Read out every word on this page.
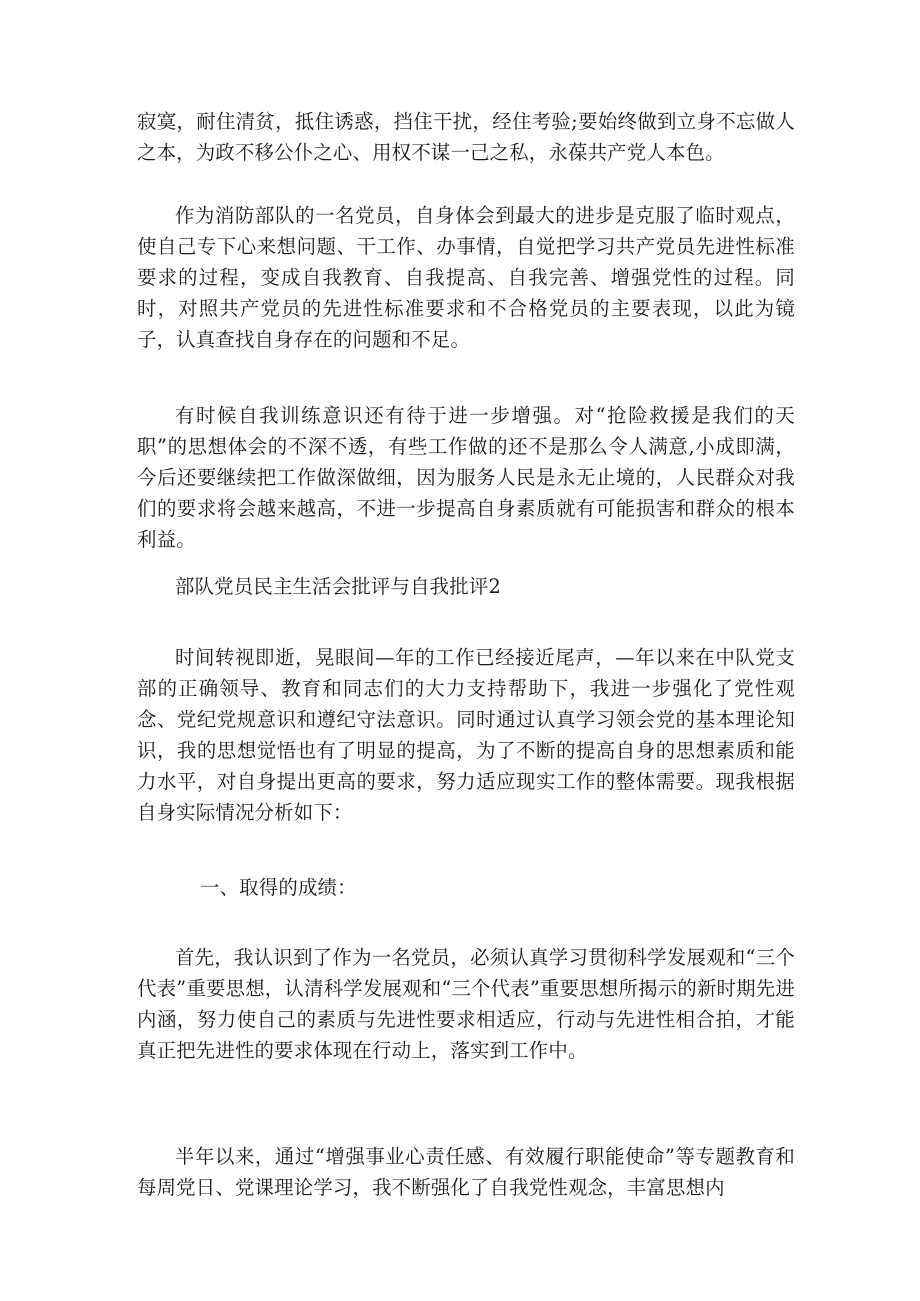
寂寞，耐住清贫，抵住诱惑，挡住干扰，经住考验;要始终做到立身不忘做人之本，为政不移公仆之心、用权不谋一己之私，永葆共产党人本色。

作为消防部队的一名党员，自身体会到最大的进步是克服了临时观点，使自己专下心来想问题、干工作、办事情，自觉把学习共产党员先进性标准要求的过程，变成自我教育、自我提高、自我完善、增强党性的过程。同时，对照共产党员的先进性标准要求和不合格党员的主要表现，以此为镜子，认真查找自身存在的问题和不足。

有时候自我训练意识还有待于进一步增强。对“抢险救援是我们的天职”的思想体会的不深不透，有些工作做的还不是那么令人满意,小成即满，今后还要继续把工作做深做细，因为服务人民是永无止境的，人民群众对我们的要求将会越来越高，不进一步提高自身素质就有可能损害和群众的根本利益。

部队党员民主生活会批评与自我批评2

时间转视即逝，晃眼间—年的工作已经接近尾声，—年以来在中队党支部的正确领导、教育和同志们的大力支持帮助下，我进一步强化了党性观念、党纪党规意识和遵纪守法意识。同时通过认真学习领会党的基本理论知识，我的思想觉悟也有了明显的提高，为了不断的提高自身的思想素质和能力水平，对自身提出更高的要求，努力适应现实工作的整体需要。现我根据自身实际情况分析如下：

一、取得的成绩：

首先，我认识到了作为一名党员，必须认真学习贯彻科学发展观和“三个代表”重要思想，认清科学发展观和“三个代表”重要思想所揭示的新时期先进内涵，努力使自己的素质与先进性要求相适应，行动与先进性相合拍，才能真正把先进性的要求体现在行动上，落实到工作中。

半年以来，通过“增强事业心责任感、有效履行职能使命”等专题教育和每周党日、党课理论学习，我不断强化了自我党性观念，丰富思想内
